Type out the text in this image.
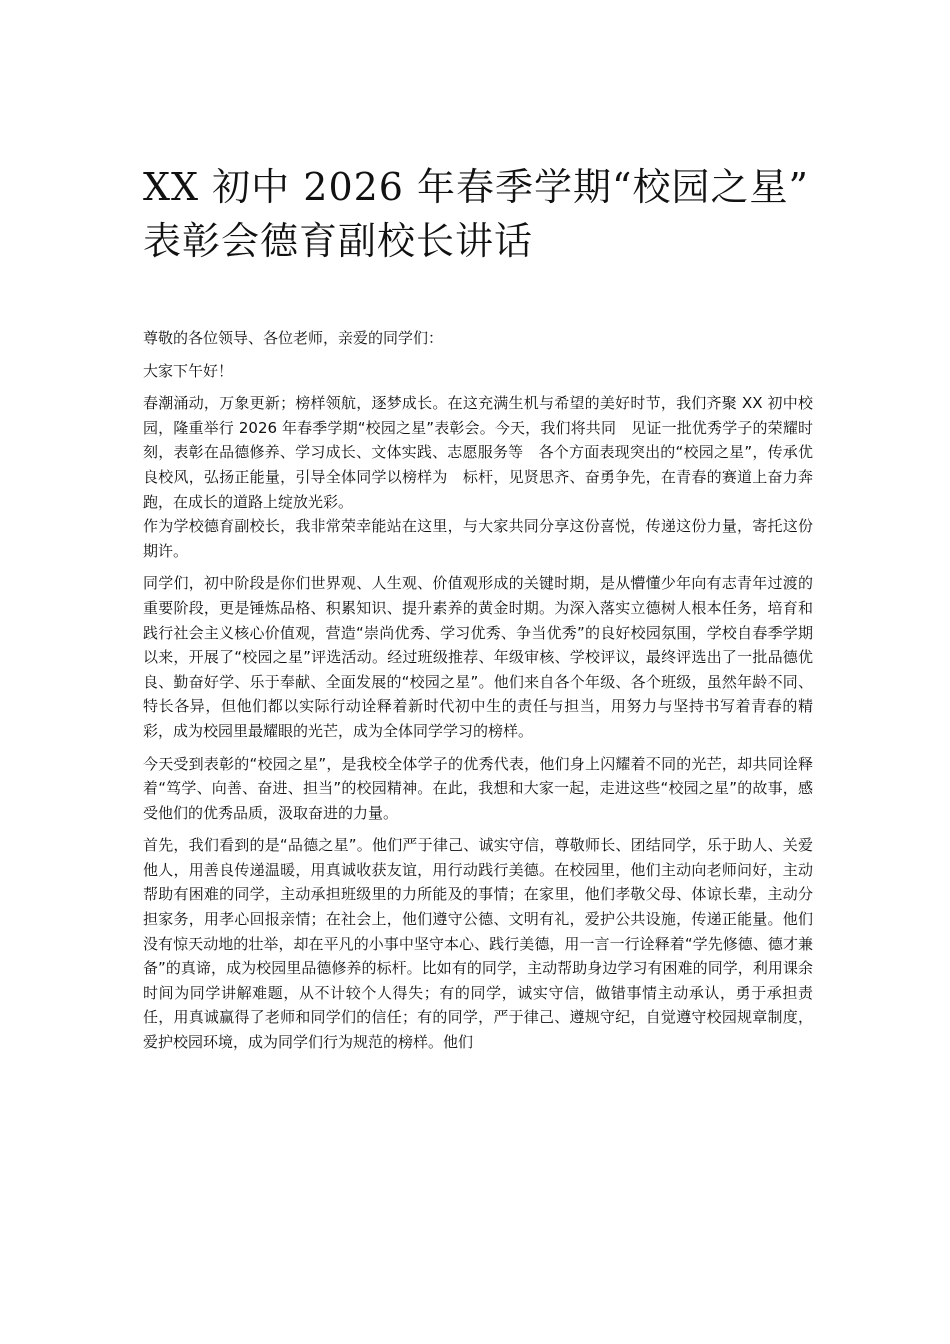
XX 初中 2026 年春季学期“校园之星” 表彰会德育副校长讲话

尊敬的各位领导、各位老师，亲爱的同学们：

大家下午好！

春潮涌动，万象更新；榜样领航，逐梦成长。在这充满生机与希望的美好时节，我们齐聚 XX 初中校园，隆重举行 2026 年春季学期“校园之星”表彰会。今天，我们将共同　见证一批优秀学子的荣耀时刻，表彰在品德修养、学习成长、文体实践、志愿服务等　各个方面表现突出的“校园之星”，传承优良校风，弘扬正能量，引导全体同学以榜样为　标杆，见贤思齐、奋勇争先，在青春的赛道上奋力奔跑，在成长的道路上绽放光彩。

作为学校德育副校长，我非常荣幸能站在这里，与大家共同分享这份喜悦，传递这份力量，寄托这份期许。

同学们，初中阶段是你们世界观、人生观、价值观形成的关键时期，是从懵懂少年向有志青年过渡的重要阶段，更是锤炼品格、积累知识、提升素养的黄金时期。为深入落实立德树人根本任务，培育和践行社会主义核心价值观，营造“崇尚优秀、学习优秀、争当优秀”的良好校园氛围，学校自春季学期以来，开展了“校园之星”评选活动。经过班级推荐、年级审核、学校评议，最终评选出了一批品德优良、勤奋好学、乐于奉献、全面发展的“校园之星”。他们来自各个年级、各个班级，虽然年龄不同、特长各异，但他们都以实际行动诠释着新时代初中生的责任与担当，用努力与坚持书写着青春的精彩，成为校园里最耀眼的光芒，成为全体同学学习的榜样。

今天受到表彰的“校园之星”，是我校全体学子的优秀代表，他们身上闪耀着不同的光芒，却共同诠释着“笃学、向善、奋进、担当”的校园精神。在此，我想和大家一起，走进这些“校园之星”的故事，感受他们的优秀品质，汲取奋进的力量。

首先，我们看到的是“品德之星”。他们严于律己、诚实守信，尊敬师长、团结同学，乐于助人、关爱他人，用善良传递温暖，用真诚收获友谊，用行动践行美德。在校园里，他们主动向老师问好，主动帮助有困难的同学，主动承担班级里的力所能及的事情；在家里，他们孝敬父母、体谅长辈，主动分担家务，用孝心回报亲情；在社会上，他们遵守公德、文明有礼，爱护公共设施，传递正能量。他们没有惊天动地的壮举，却在平凡的小事中坚守本心、践行美德，用一言一行诠释着“学先修德、德才兼备”的真谛，成为校园里品德修养的标杆。比如有的同学，主动帮助身边学习有困难的同学，利用课余时间为同学讲解难题，从不计较个人得失；有的同学，诚实守信，做错事情主动承认，勇于承担责任，用真诚赢得了老师和同学们的信任；有的同学，严于律己、遵规守纪，自觉遵守校园规章制度，爱护校园环境，成为同学们行为规范的榜样。他们
